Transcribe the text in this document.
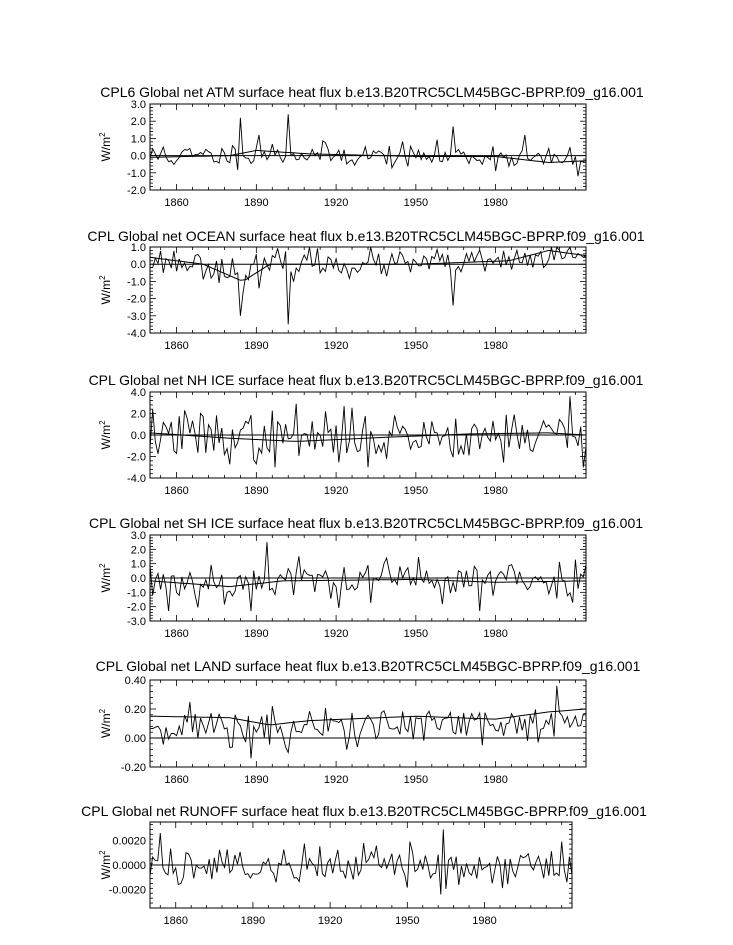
CPL6 Global net ATM surface heat flux b.e13.B20TRC5CLM45BGC-BPRP.f09_g16.001
-2.0
-1.0
0.0
1.0
2.0
3.0
1860	1890	1920	1950	1980
$W/m^2$
CPL Global net OCEAN surface heat flux b.e13.B20TRC5CLM45BGC-BPRP.f09_g16.001
-4.0
-3.0
-2.0
-1.0
0.0
1.0
1860	1890	1920	1950	1980
$W/m^2$
CPL Global net NH ICE surface heat flux b.e13.B20TRC5CLM45BGC-BPRP.f09_g16.001
-4.0
-2.0
0.0
2.0
4.0
1860	1890	1920	1950	1980
$W/m^2$
CPL Global net SH ICE surface heat flux b.e13.B20TRC5CLM45BGC-BPRP.f09_g16.001
-3.0
-2.0
-1.0
0.0
1.0
2.0
3.0
1860	1890	1920	1950	1980
$W/m^2$
CPL Global net LAND surface heat flux b.e13.B20TRC5CLM45BGC-BPRP.f09_g16.001
-0.20
0.00
0.20
0.40
1860	1890	1920	1950	1980
$W/m^2$
CPL Global net RUNOFF surface heat flux b.e13.B20TRC5CLM45BGC-BPRP.f09_g16.001
-0.0020
0.0000
0.0020
1860	1890	1920	1950	1980
$W/m^2$
